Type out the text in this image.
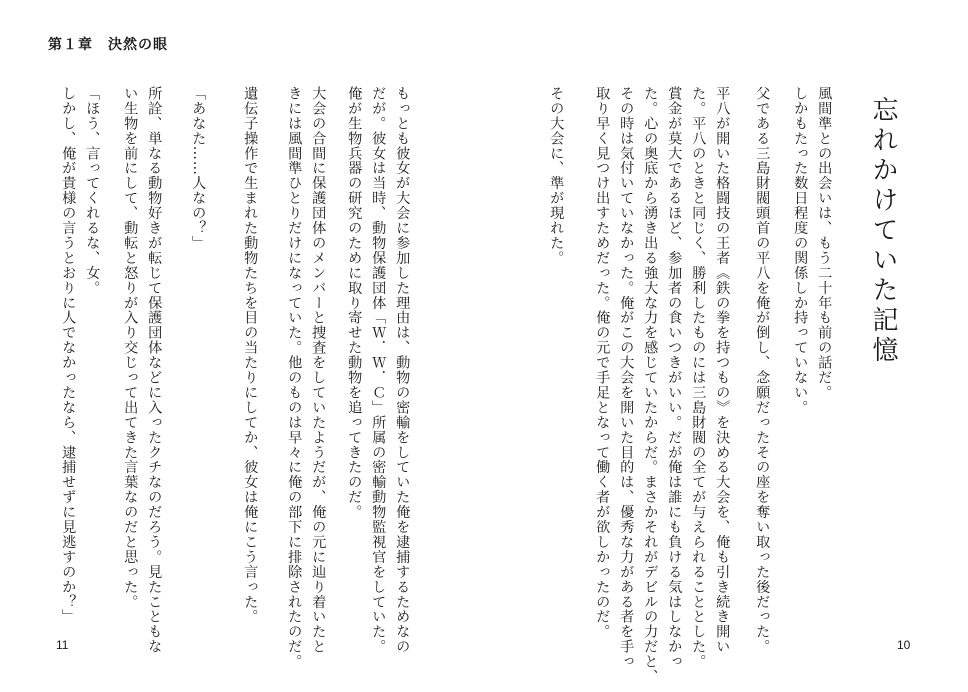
第１章　決然の眼
忘れかけていた記憶
風間準との出会いは、もう二十年も前の話だ。
しかもたった数日程度の関係しか持っていない。
父である三島財閥頭首の平八を俺が倒し、念願だったその座を奪い取った後だった。
平八が開いた格闘技の王者《鉄の拳を持つもの》を決める大会を、俺も引き続き開い
た。平八のときと同じく、勝利したものには三島財閥の全てが与えられることとした。
賞金が莫大であるほど、参加者の食いつきがいい。だが俺は誰にも負ける気はしなかっ
た。心の奥底から湧き出る強大な力を感じていたからだ。まさかそれがデビルの力だと、
その時は気付いていなかった。俺がこの大会を開いた目的は、優秀な力がある者を手っ
取り早く見つけ出すためだった。俺の元で手足となって働く者が欲しかったのだ。
その大会に、準が現れた。
もっとも彼女が大会に参加した理由は、動物の密輸をしていた俺を逮捕するためなの
だが。彼女は当時、動物保護団体「Ｗ．Ｗ．Ｃ」所属の密輸動物監視官をしていた。
俺が生物兵器の研究のために取り寄せた動物を追ってきたのだ。
大会の合間に保護団体のメンバーと捜査をしていたようだが、俺の元に辿り着いたと
きには風間準ひとりだけになっていた。他のものは早々に俺の部下に排除されたのだ。
遺伝子操作で生まれた動物たちを目の当たりにしてか、彼女は俺にこう言った。
「あなた……人なの？」
所詮、単なる動物好きが転じて保護団体などに入ったクチなのだろう。見たこともな
い生物を前にして、動転と怒りが入り交じって出てきた言葉なのだと思った。
「ほう、言ってくれるな、女。
しかし、俺が貴様の言うとおりに人でなかったなら、逮捕せずに見逃すのか？」
11	10
